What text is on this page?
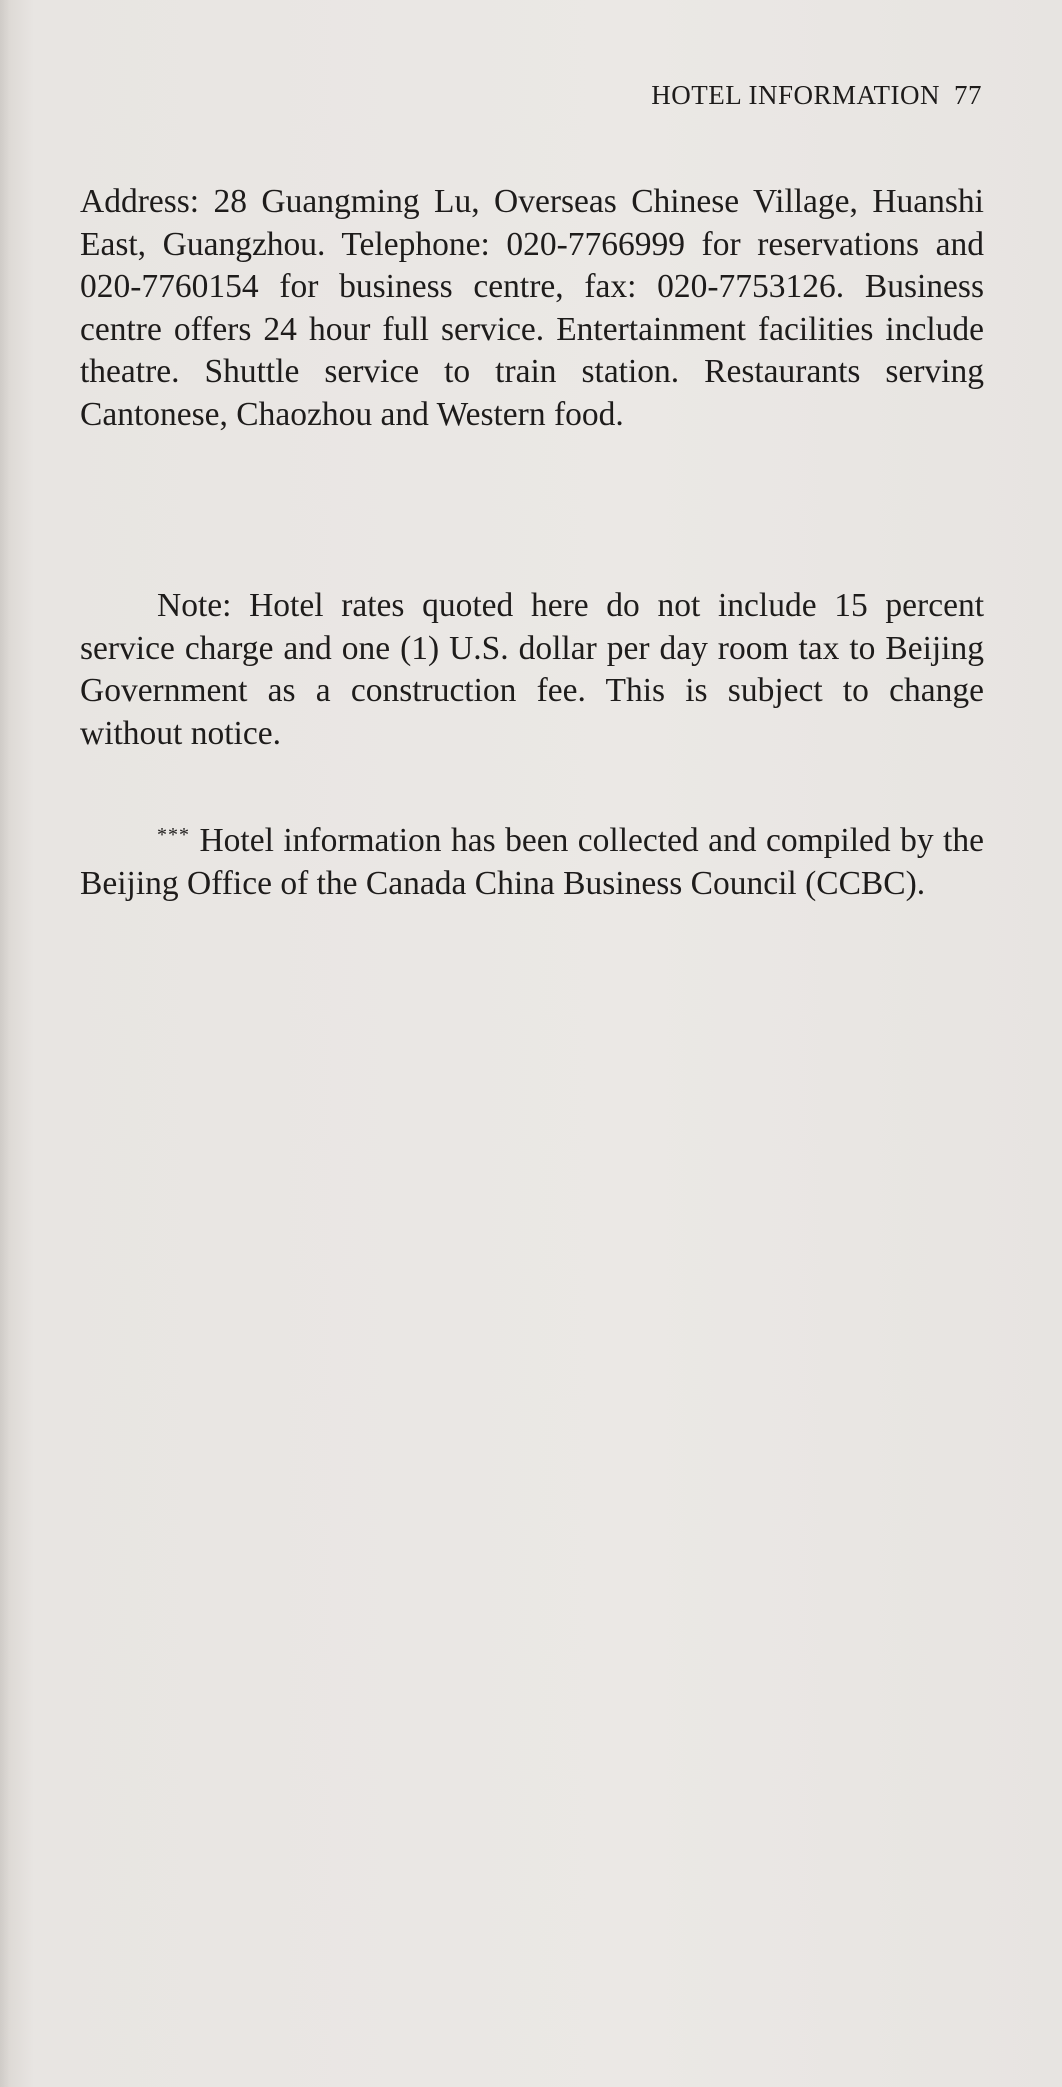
HOTEL INFORMATION 77

Address: 28 Guangming Lu, Overseas Chinese Village, Huanshi East, Guangzhou. Telephone: 020-7766999 for reservations and 020-7760154 for business centre, fax: 020-7753126. Business centre offers 24 hour full service. Entertainment facilities include theatre. Shuttle service to train station. Restaurants serving Cantonese, Chaozhou and Western food.

Note: Hotel rates quoted here do not include 15 percent service charge and one (1) U.S. dollar per day room tax to Beijing Government as a construction fee. This is subject to change without notice.

*** Hotel information has been collected and compiled by the Beijing Office of the Canada China Business Council (CCBC).
